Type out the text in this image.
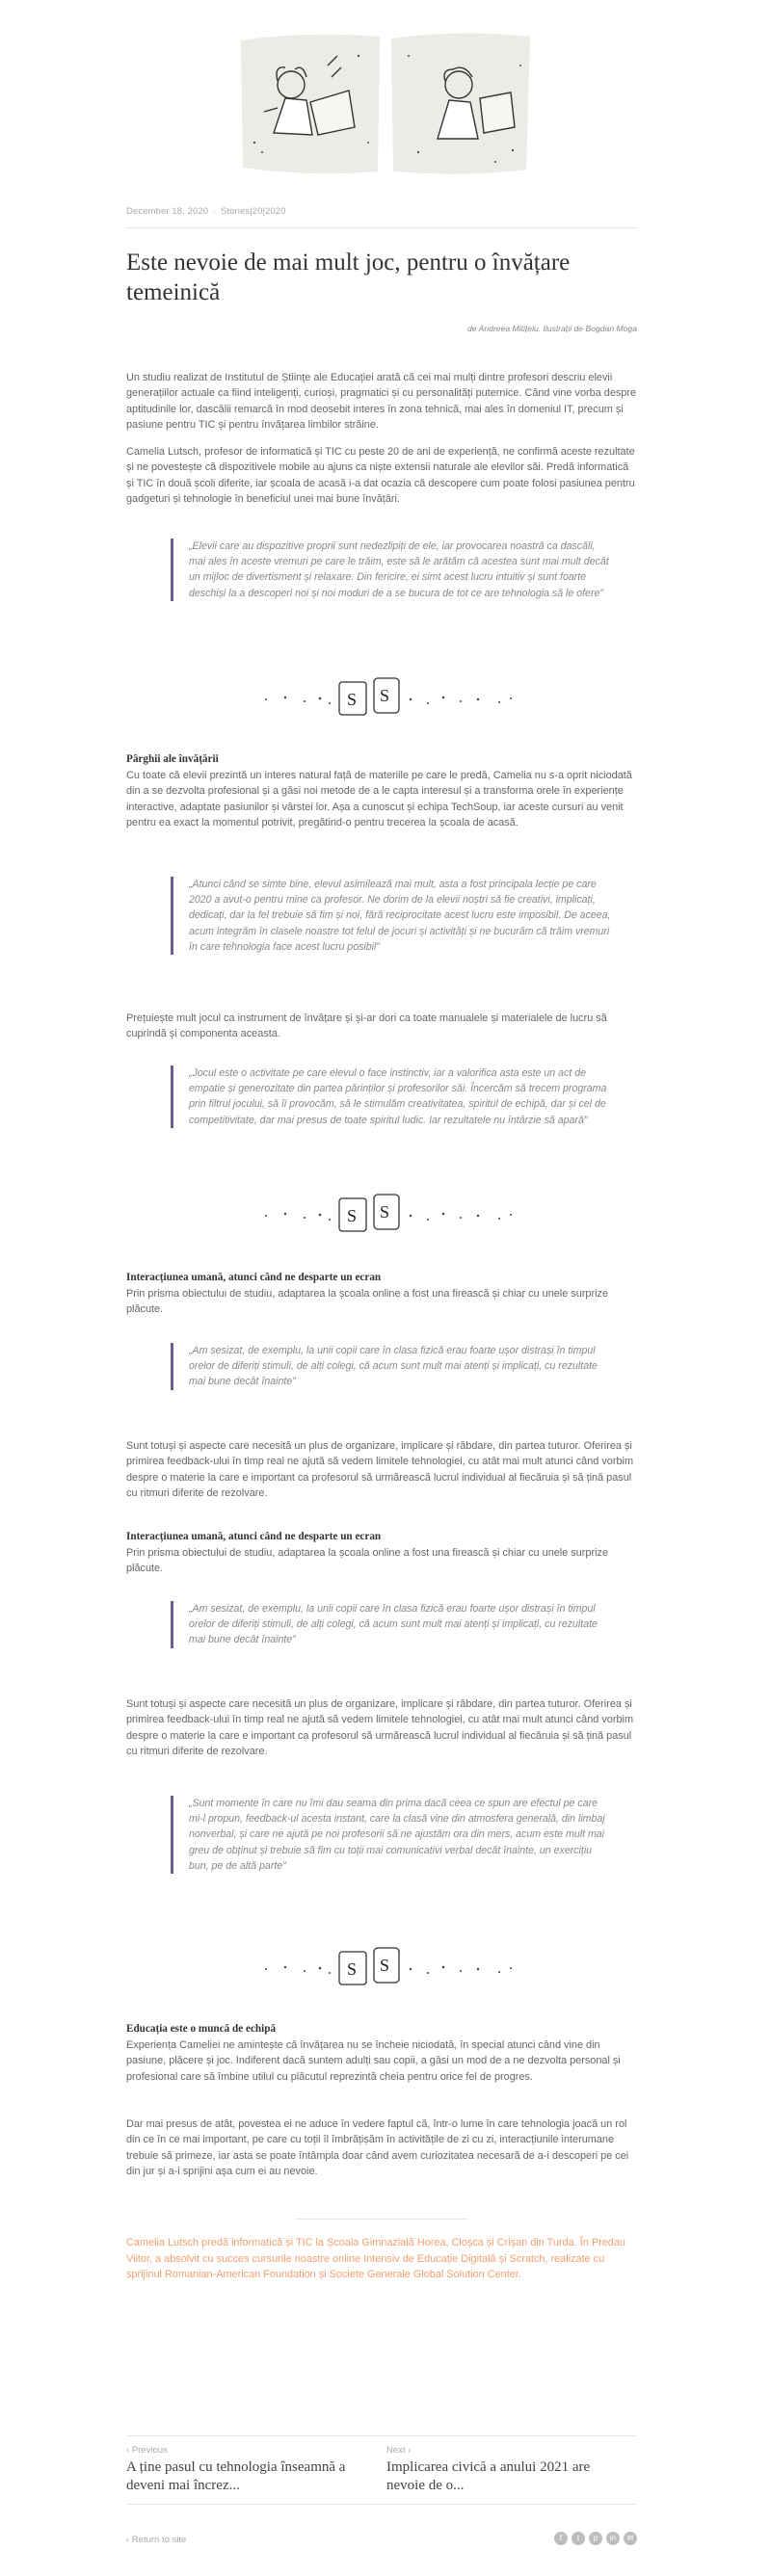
December 18, 2020 · Stories|20|2020
Este nevoie de mai mult joc, pentru o învățare temeinică
de Andreea Mitițelu. Ilustrații de Bogdan Moga

Un studiu realizat de Institutul de Științe ale Educației arată că cei mai mulți dintre profesori descriu elevii generațiilor actuale ca fiind inteligenți, curioși, pragmatici și cu personalități puternice. Când vine vorba despre aptitudinile lor, dascălii remarcă în mod deosebit interes în zona tehnică, mai ales în domeniul IT, precum și pasiune pentru TIC și pentru învățarea limbilor străine.

Camelia Lutsch, profesor de informatică și TIC cu peste 20 de ani de experiență, ne confirmă aceste rezultate și ne povestește că dispozitivele mobile au ajuns ca niște extensii naturale ale elevilor săi. Predă informatică și TIC în două școli diferite, iar școala de acasă i-a dat ocazia că descopere cum poate folosi pasiunea pentru gadgeturi și tehnologie în beneficiul unei mai bune învățări.

„Elevii care au dispozitive proprii sunt nedezlipiți de ele, iar provocarea noastră ca dascăli, mai ales în aceste vremuri pe care le trăim, este să le arătăm că acestea sunt mai mult decât un mijloc de divertisment și relaxare. Din fericire, ei simt acest lucru intuitiv și sunt foarte deschiși la a descoperi noi și noi moduri de a se bucura de tot ce are tehnologia să le ofere”
S S
Pârghii ale învățării

Cu toate că elevii prezintă un interes natural față de materiile pe care le predă, Camelia nu s-a oprit niciodată din a se dezvolta profesional și a găsi noi metode de a le capta interesul și a transforma orele în experiențe interactive, adaptate pasiunilor și vârstei lor. Așa a cunoscut și echipa TechSoup, iar aceste cursuri au venit pentru ea exact la momentul potrivit, pregătind-o pentru trecerea la școala de acasă.

„Atunci când se simte bine, elevul asimilează mai mult, asta a fost principala lecție pe care 2020 a avut-o pentru mine ca profesor. Ne dorim de la elevii noștri să fie creativi, implicați, dedicați, dar la fel trebuie să fim și noi, fără reciprocitate acest lucru este imposibil. De aceea, acum integrăm în clasele noastre tot felul de jocuri și activități și ne bucurăm că trăim vremuri în care tehnologia face acest lucru posibil”

Prețuiește mult jocul ca instrument de învățare și și-ar dori ca toate manualele și materialele de lucru să cuprindă și componenta aceasta.

„Jocul este o activitate pe care elevul o face instinctiv, iar a valorifica asta este un act de empatie și generozitate din partea părinților și profesorilor săi. Încercăm să trecem programa prin filtrul jocului, să îi provocăm, să le stimulăm creativitatea, spiritul de echipă, dar și cel de competitivitate, dar mai presus de toate spiritul ludic. Iar rezultatele nu întârzie să apară”
S S
Interacțiunea umană, atunci când ne desparte un ecran

Prin prisma obiectului de studiu, adaptarea la școala online a fost una firească și chiar cu unele surprize plăcute.

„Am sesizat, de exemplu, la unii copii care în clasa fizică erau foarte ușor distrași în timpul orelor de diferiți stimuli, de alți colegi, că acum sunt mult mai atenți și implicați, cu rezultate mai bune decât înainte”

Sunt totuși și aspecte care necesită un plus de organizare, implicare și răbdare, din partea tuturor. Oferirea și primirea feedback-ului în timp real ne ajută să vedem limitele tehnologiei, cu atât mai mult atunci când vorbim despre o materie la care e important ca profesorul să urmărească lucrul individual al fiecăruia și să țină pasul cu ritmuri diferite de rezolvare.

Interacțiunea umană, atunci când ne desparte un ecran

Prin prisma obiectului de studiu, adaptarea la școala online a fost una firească și chiar cu unele surprize plăcute.

„Am sesizat, de exemplu, la unii copii care în clasa fizică erau foarte ușor distrași în timpul orelor de diferiți stimuli, de alți colegi, că acum sunt mult mai atenți și implicați, cu rezultate mai bune decât înainte”

Sunt totuși și aspecte care necesită un plus de organizare, implicare și răbdare, din partea tuturor. Oferirea și primirea feedback-ului în timp real ne ajută să vedem limitele tehnologiei, cu atât mai mult atunci când vorbim despre o materie la care e important ca profesorul să urmărească lucrul individual al fiecăruia și să țină pasul cu ritmuri diferite de rezolvare.

„Sunt momente în care nu îmi dau seama din prima dacă ceea ce spun are efectul pe care mi-l propun, feedback-ul acesta instant, care la clasă vine din atmosfera generală, din limbaj nonverbal, și care ne ajută pe noi profesorii să ne ajustăm ora din mers, acum este mult mai greu de obținut și trebuie să fim cu toții mai comunicativi verbal decât înainte, un exercițiu bun, pe de altă parte”
S S
Educația este o muncă de echipă

Experiența Cameliei ne amintește că învățarea nu se încheie niciodată, în special atunci când vine din pasiune, plăcere și joc. Indiferent dacă suntem adulți sau copii, a găsi un mod de a ne dezvolta personal și profesional care să îmbine utilul cu plăcutul reprezintă cheia pentru orice fel de progres.

Dar mai presus de atât, povestea ei ne aduce în vedere faptul că, într-o lume în care tehnologia joacă un rol din ce în ce mai important, pe care cu toții îl îmbrățișăm în activitățile de zi cu zi, interacțiunile interumane trebuie să primeze, iar asta se poate întâmpla doar când avem curiozitatea necesară de a-i descoperi pe cei din jur și a-i sprijini așa cum ei au nevoie.

Camelia Lutsch predă informatică și TIC la Școala Gimnazială Horea, Cloșca și Crișan din Turda. În Predau Viitor, a absolvit cu succes cursurile noastre online Intensiv de Educație Digitală și Scratch, realizate cu sprijinul Romanian-American Foundation și Societe Generale Global Solution Center.

‹ Previous
A ține pasul cu tehnologia înseamnă a deveni mai încrez...
Next ›
Implicarea civică a anului 2021 are nevoie de o...
‹ Return to site	f	t	p	in	✉
